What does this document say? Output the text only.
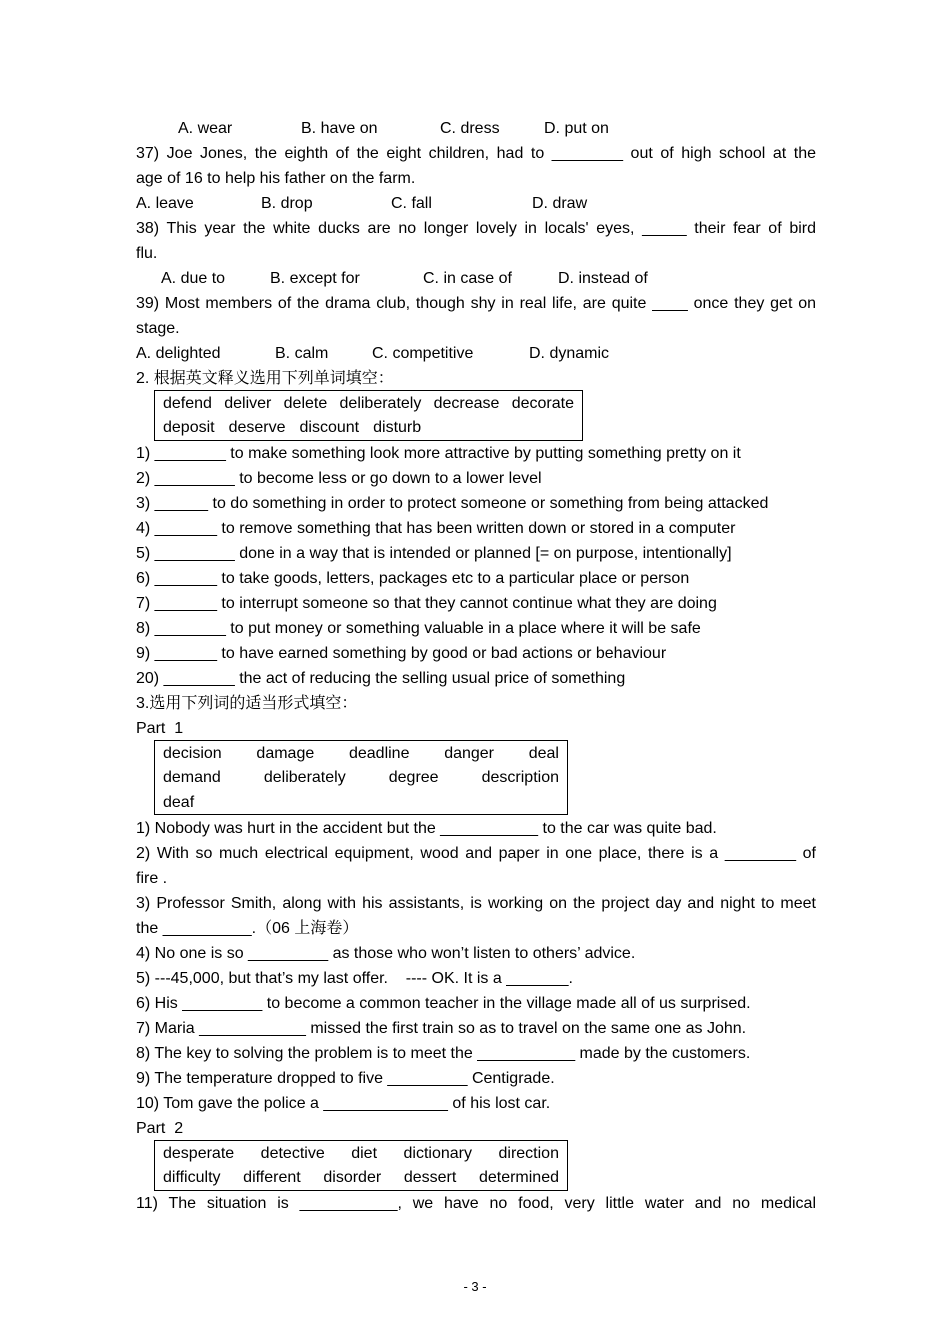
A. wear	B. have on	C. dress	D. put on
37) Joe Jones, the eighth of the eight children, had to ________ out of high school at the
age of 16 to help his father on the farm.
A. leave	B. drop	C. fall	D. draw
38) This year the white ducks are no longer lovely in locals' eyes, _____ their fear of bird
flu.
A. due to	B. except for	C. in case of	D. instead of
39) Most members of the drama club, though shy in real life, are quite ____ once they get on
stage.
A. delighted	B. calm	C. competitive	D. dynamic
2. 根据英文释义选用下列单词填空：
defend deliver delete deliberately decrease decorate
deposit deserve discount disturb
1) ________ to make something look more attractive by putting something pretty on it
2) _________ to become less or go down to a lower level
3) ______ to do something in order to protect someone or something from being attacked
4) _______ to remove something that has been written down or stored in a computer
5) _________ done in a way that is intended or planned [= on purpose, intentionally]
6) _______ to take goods, letters, packages etc to a particular place or person
7) _______ to interrupt someone so that they cannot continue what they are doing
8) ________ to put money or something valuable in a place where it will be safe
9) _______ to have earned something by good or bad actions or behaviour
20) ________ the act of reducing the selling usual price of something
3.选用下列词的适当形式填空：
Part  1
decision damage deadline danger deal
demand	deliberately	degree	description
deaf
1) Nobody was hurt in the accident but the ___________ to the car was quite bad.
2) With so much electrical equipment, wood and paper in one place, there is a ________ of
fire .
3) Professor Smith, along with his assistants, is working on the project day and night to meet
the __________.（06 上海卷）
4) No one is so _________ as those who won’t listen to others’ advice.
5) ---45,000, but that’s my last offer.    ---- OK. It is a _______.
6) His _________ to become a common teacher in the village made all of us surprised.
7) Maria ____________ missed the first train so as to travel on the same one as John.
8) The key to solving the problem is to meet the ___________ made by the customers.
9) The temperature dropped to five _________ Centigrade.
10) Tom gave the police a ______________ of his lost car.
Part  2
desperate detective diet dictionary direction
difficulty different disorder dessert determined
11) The situation is ___________, we have no food, very little water and no medical
- 3 -
